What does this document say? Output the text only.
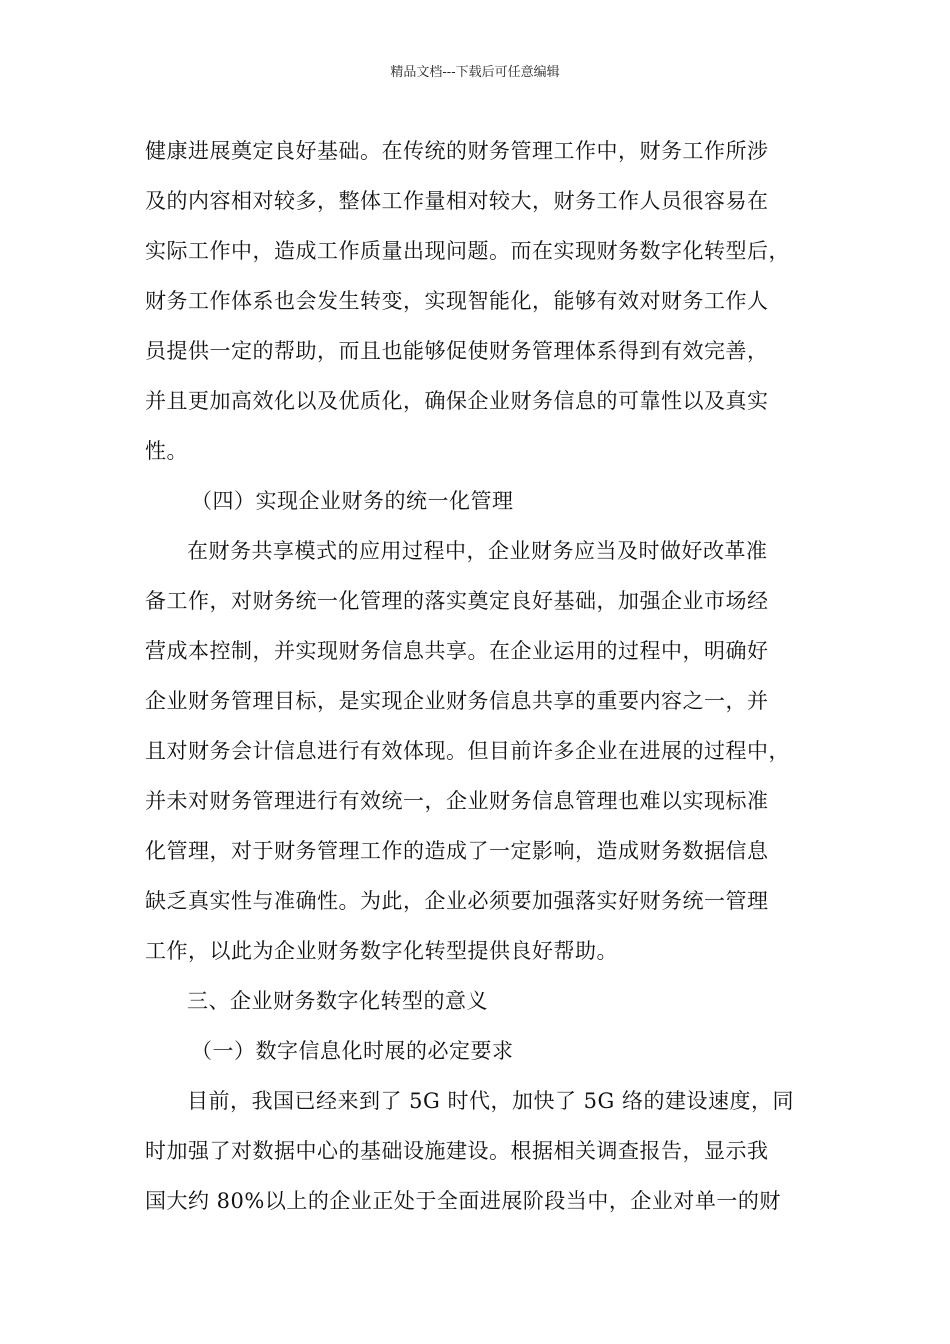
精品文档---下载后可任意编辑
健康进展奠定良好基础。在传统的财务管理工作中，财务工作所涉
及的内容相对较多，整体工作量相对较大，财务工作人员很容易在
实际工作中，造成工作质量出现问题。而在实现财务数字化转型后，
财务工作体系也会发生转变，实现智能化，能够有效对财务工作人
员提供一定的帮助，而且也能够促使财务管理体系得到有效完善，
并且更加高效化以及优质化，确保企业财务信息的可靠性以及真实
性。
（四）实现企业财务的统一化管理
在财务共享模式的应用过程中，企业财务应当及时做好改革准
备工作，对财务统一化管理的落实奠定良好基础，加强企业市场经
营成本控制，并实现财务信息共享。在企业运用的过程中，明确好
企业财务管理目标，是实现企业财务信息共享的重要内容之一，并
且对财务会计信息进行有效体现。但目前许多企业在进展的过程中，
并未对财务管理进行有效统一，企业财务信息管理也难以实现标准
化管理，对于财务管理工作的造成了一定影响，造成财务数据信息
缺乏真实性与准确性。为此，企业必须要加强落实好财务统一管理
工作，以此为企业财务数字化转型提供良好帮助。
三、企业财务数字化转型的意义
（一）数字信息化时展的必定要求
目前，我国已经来到了 5G 时代，加快了 5G 络的建设速度，同
时加强了对数据中心的基础设施建设。根据相关调查报告，显示我
国大约 80%以上的企业正处于全面进展阶段当中，企业对单一的财
